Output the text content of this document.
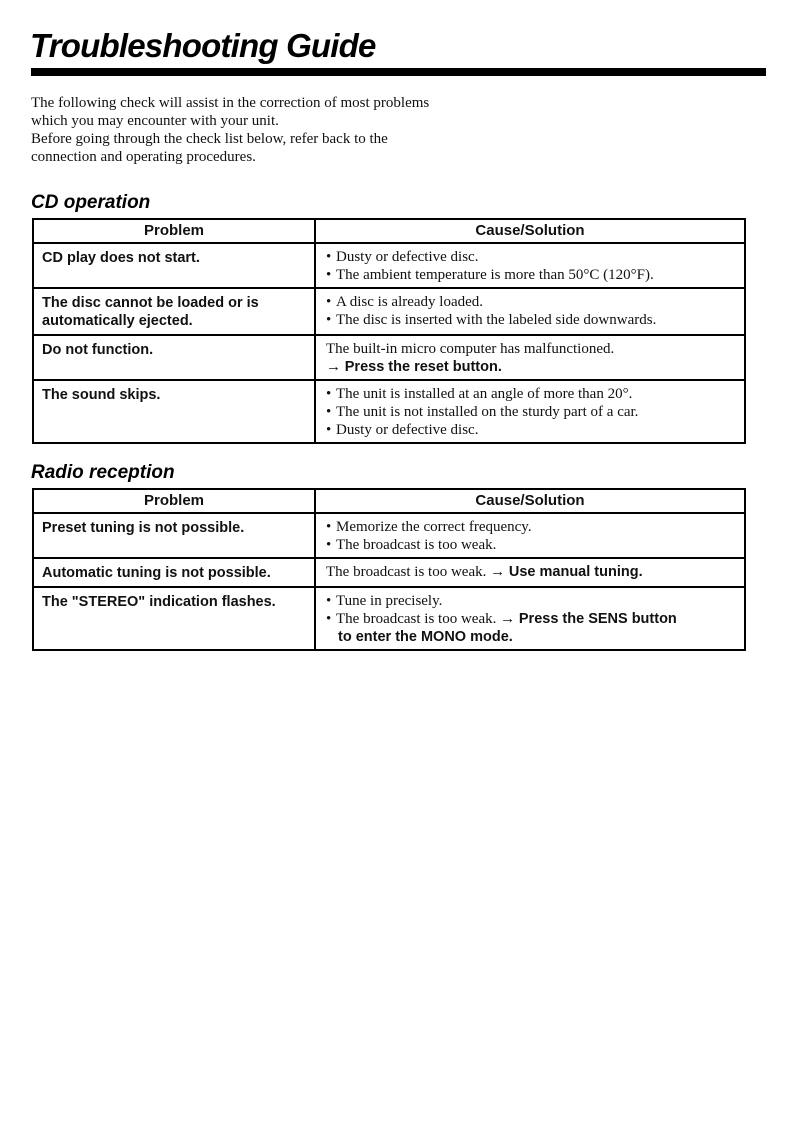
Troubleshooting Guide
The following check will assist in the correction of most problems
which you may encounter with your unit.
Before going through the check list below, refer back to the
connection and operating procedures.
CD operation
Problem	Cause/Solution

CD play does not start.	• Dusty or defective disc.
• The ambient temperature is more than 50°C (120°F).

The disc cannot be loaded or is
automatically ejected.	• A disc is already loaded.
• The disc is inserted with the labeled side downwards.

Do not function.	The built-in micro computer has malfunctioned.
→ Press the reset button.

The sound skips.	• The unit is installed at an angle of more than 20°.
• The unit is not installed on the sturdy part of a car.
• Dusty or defective disc.
Radio reception
Problem	Cause/Solution

Preset tuning is not possible.	• Memorize the correct frequency.
• The broadcast is too weak.

Automatic tuning is not possible.	The broadcast is too weak. → Use manual tuning.

The "STEREO" indication flashes.	• Tune in precisely.
• The broadcast is too weak. → Press the SENS button
to enter the MONO mode.
